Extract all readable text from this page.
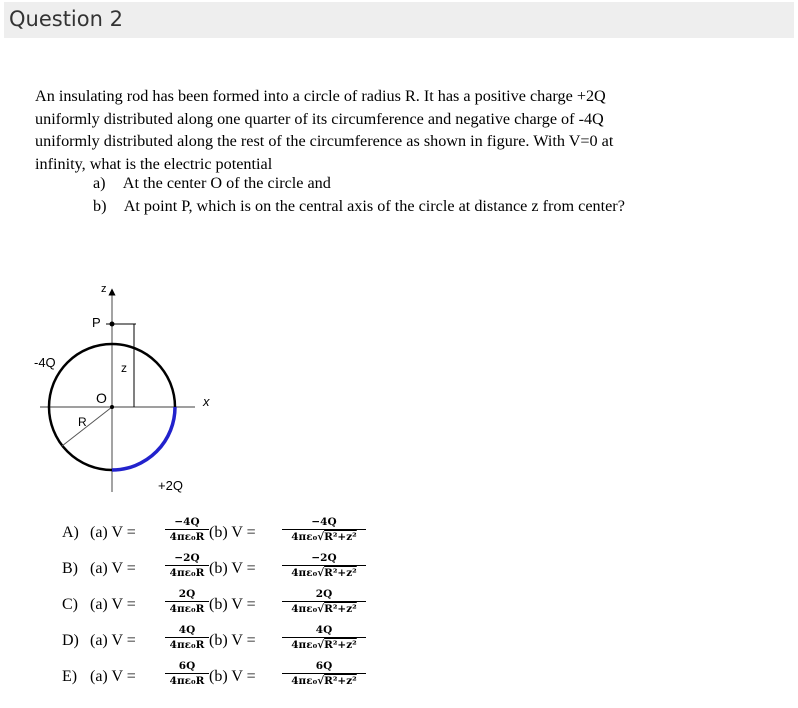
Question 2

An insulating rod has been formed into a circle of radius R. It has a positive charge +2Q

uniformly distributed along one quarter of its circumference and negative charge of -4Q

uniformly distributed along the rest of the circumference as shown in figure. With V=0 at

infinity, what is the electric potential

a) At the center O of the circle and
b) At point P, which is on the central axis of the circle at distance z from center?
z
P
-4Q	z
O	x
R
+2Q
A) (a) V =
−4Q
4πε₀R (b) V =
−4Q
4πε₀√R²+z²
B) (a) V =
−2Q
4πε₀R (b) V =
−2Q
4πε₀√R²+z²
C) (a) V =
2Q
4πε₀R (b) V =
2Q
4πε₀√R²+z²
D) (a) V =
4Q
4πε₀R (b) V =
4Q
4πε₀√R²+z²
E) (a) V =
6Q
4πε₀R (b) V =
6Q
4πε₀√R²+z²
